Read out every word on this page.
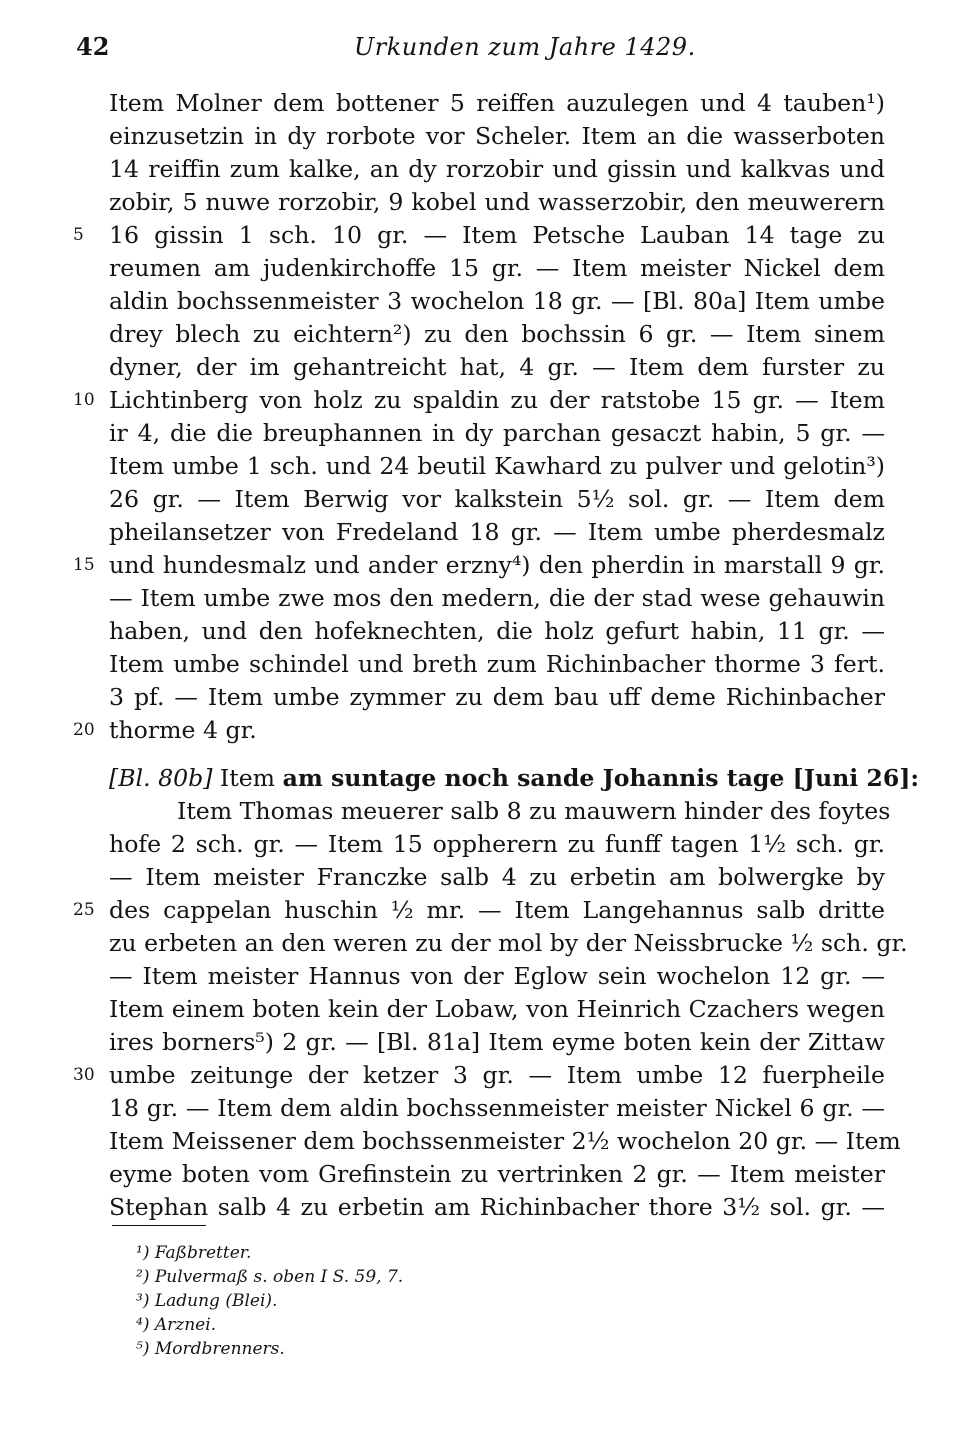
42	Urkunden zum Jahre 1429.
Item Molner dem bottener 5 reiffen auzulegen und 4 tauben¹)
einzusetzin in dy rorbote vor Scheler. Item an die wasserboten
14 reiffin zum kalke, an dy rorzobir und gissin und kalkvas und
zobir, 5 nuwe rorzobir, 9 kobel und wasserzobir, den meuwerern
5	16 gissin 1 sch. 10 gr. — Item Petsche Lauban 14 tage zu
reumen am judenkirchoffe 15 gr. — Item meister Nickel dem
aldin bochssenmeister 3 wochelon 18 gr. — [Bl. 80a] Item umbe
drey blech zu eichtern²) zu den bochssin 6 gr. — Item sinem
dyner, der im gehantreicht hat, 4 gr. — Item dem furster zu
10 Lichtinberg von holz zu spaldin zu der ratstobe 15 gr. — Item
ir 4, die die breuphannen in dy parchan gesaczt habin, 5 gr. —
Item umbe 1 sch. und 24 beutil Kawhard zu pulver und gelotin³)
26 gr. — Item Berwig vor kalkstein 5½ sol. gr. — Item dem
pheilansetzer von Fredeland 18 gr. — Item umbe pherdesmalz
15 und hundesmalz und ander erzny⁴) den pherdin in marstall 9 gr.
— Item umbe zwe mos den medern, die der stad wese gehauwin
haben, und den hofeknechten, die holz gefurt habin, 11 gr. —
Item umbe schindel und breth zum Richinbacher thorme 3 fert.
3 pf. — Item umbe zymmer zu dem bau uff deme Richinbacher
20 thorme 4 gr.
[Bl. 80b] Item am suntage noch sande Johannis tage [Juni 26]:
Item Thomas meuerer salb 8 zu mauwern hinder des foytes
hofe 2 sch. gr. — Item 15 oppherern zu funff tagen 1½ sch. gr.
— Item meister Franczke salb 4 zu erbetin am bolwergke by
25 des cappelan huschin ½ mr. — Item Langehannus salb dritte
zu erbeten an den weren zu der mol by der Neissbrucke ½ sch. gr.
— Item meister Hannus von der Eglow sein wochelon 12 gr. —
Item einem boten kein der Lobaw, von Heinrich Czachers wegen
ires borners⁵) 2 gr. — [Bl. 81a] Item eyme boten kein der Zittaw
30 umbe zeitunge der ketzer 3 gr. — Item umbe 12 fuerpheile
18 gr. — Item dem aldin bochssenmeister meister Nickel 6 gr. —
Item Meissener dem bochssenmeister 2½ wochelon 20 gr. — Item
eyme boten vom Grefinstein zu vertrinken 2 gr. — Item meister
Stephan salb 4 zu erbetin am Richinbacher thore 3½ sol. gr. —
¹) Faßbretter.
²) Pulvermaß s. oben I S. 59, 7.
³) Ladung (Blei).
⁴) Arznei.
⁵) Mordbrenners.
